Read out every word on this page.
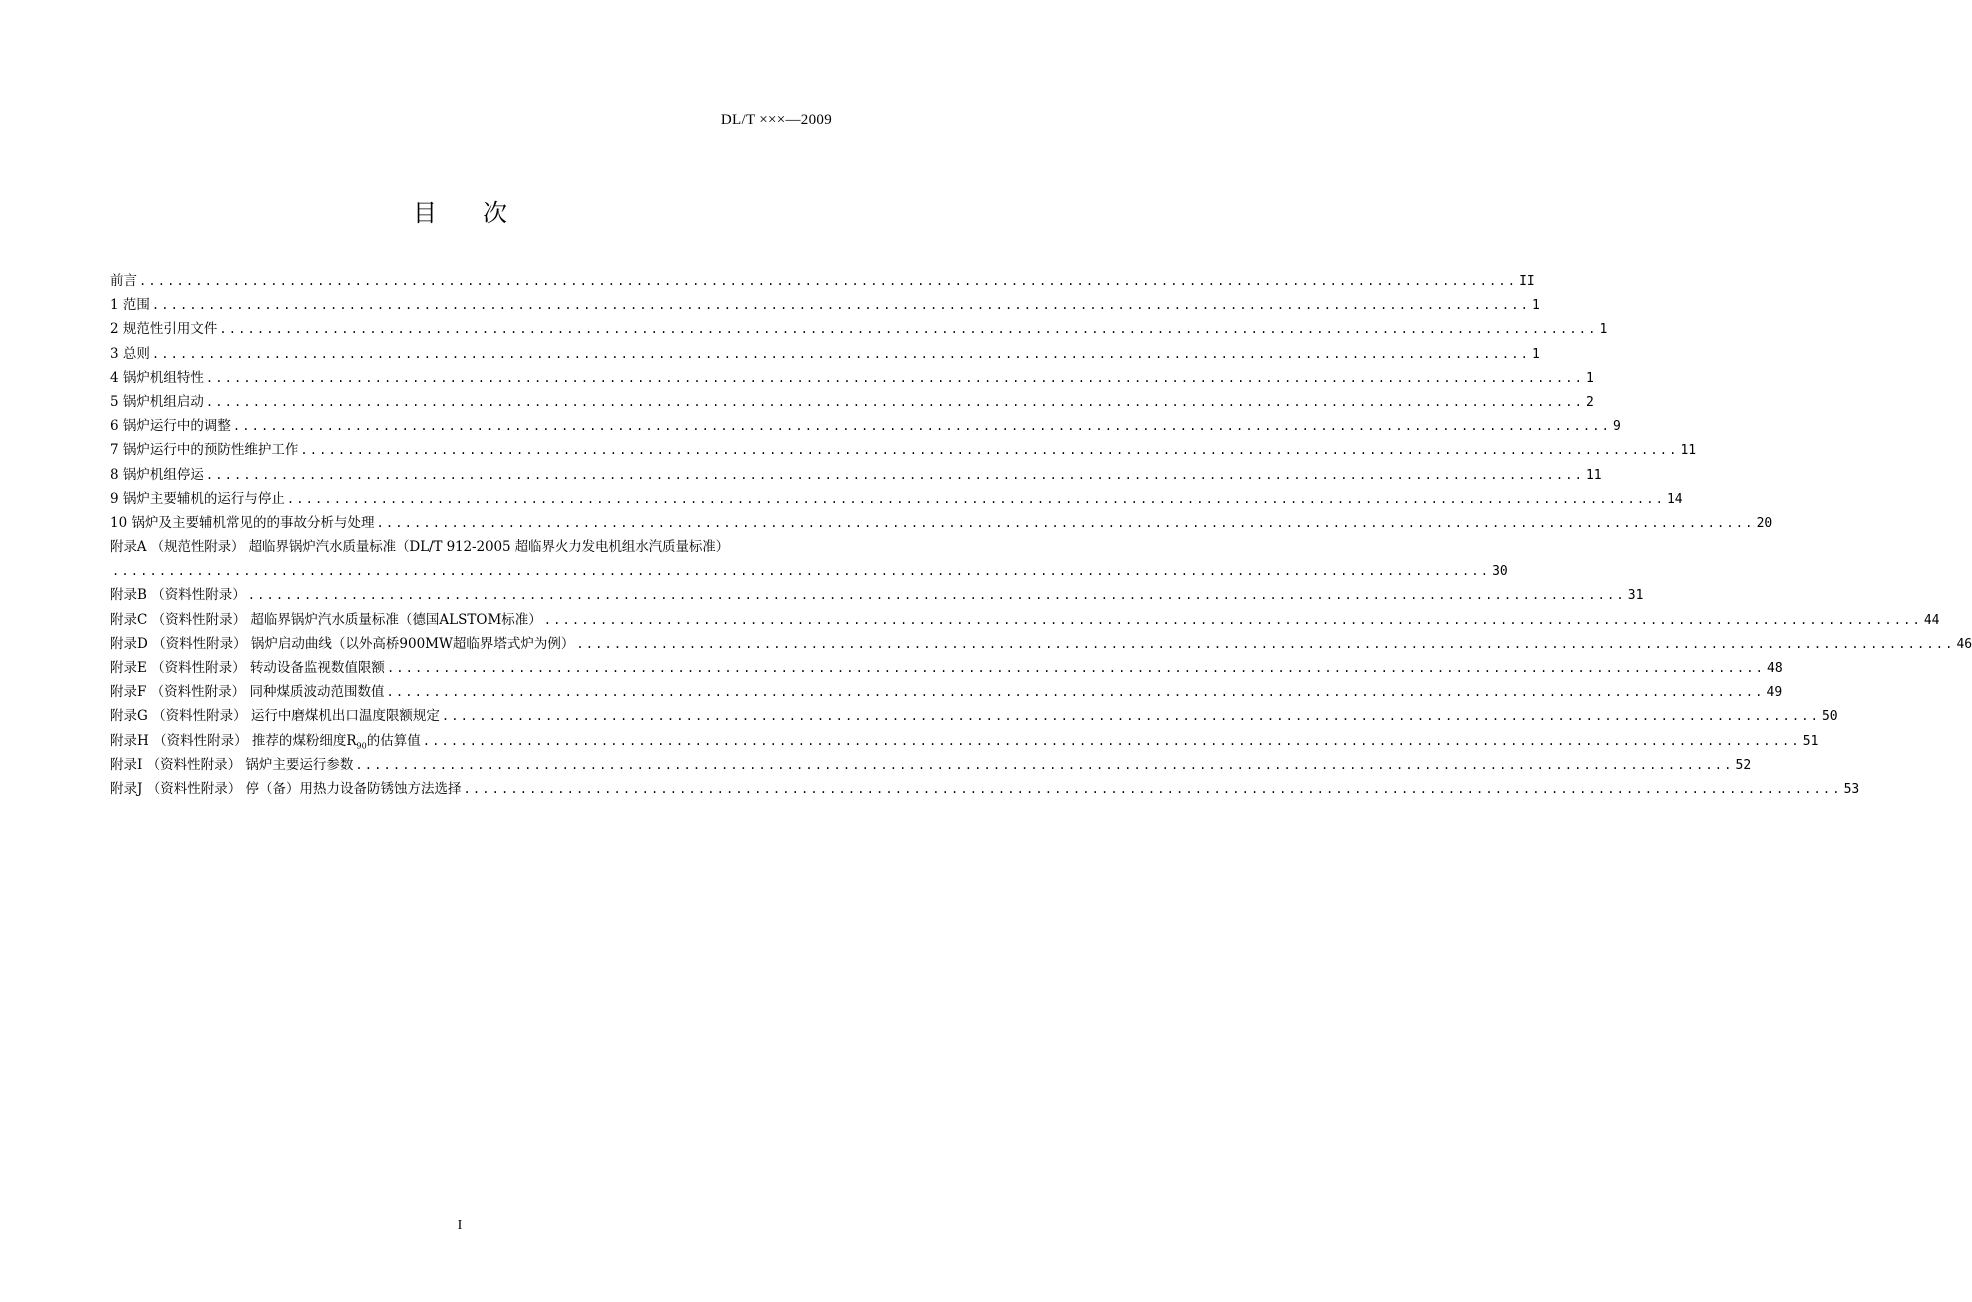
DL/T ×××—2009
目次
前言 ................................................................................................................................................... II
1 范围 ................................................................................................................................................... 1
2 规范性引用文件 ................................................................................................................................................... 1
3 总则 ................................................................................................................................................... 1
4 锅炉机组特性 ................................................................................................................................................... 1
5 锅炉机组启动 ................................................................................................................................................... 2
6 锅炉运行中的调整 ................................................................................................................................................... 9
7 锅炉运行中的预防性维护工作 ................................................................................................................................................... 11
8 锅炉机组停运 ................................................................................................................................................... 11
9 锅炉主要辅机的运行与停止 ................................................................................................................................................... 14
10 锅炉及主要辅机常见的的事故分析与处理 ................................................................................................................................................... 20
附录A （规范性附录） 超临界锅炉汽水质量标准（DL/T 912-2005 超临界火力发电机组水汽质量标准）
................................................................................................................................................... 30
附录B （资料性附录） ................................................................................................................................................... 31
附录C （资料性附录） 超临界锅炉汽水质量标准（德国ALSTOM标准） ................................................................................................................................................... 44
附录D （资料性附录） 锅炉启动曲线（以外高桥900MW超临界塔式炉为例） ................................................................................................................................................... 46
附录E （资料性附录） 转动设备监视数值限额 ................................................................................................................................................... 48
附录F （资料性附录） 同种煤质波动范围数值 ................................................................................................................................................... 49
附录G （资料性附录） 运行中磨煤机出口温度限额规定 ................................................................................................................................................... 50
附录H （资料性附录） 推荐的煤粉细度$R_{90}$的估算值 ................................................................................................................................................... 51
附录I （资料性附录） 锅炉主要运行参数 ................................................................................................................................................... 52
附录J （资料性附录） 停（备）用热力设备防锈蚀方法选择 ................................................................................................................................................... 53
I
